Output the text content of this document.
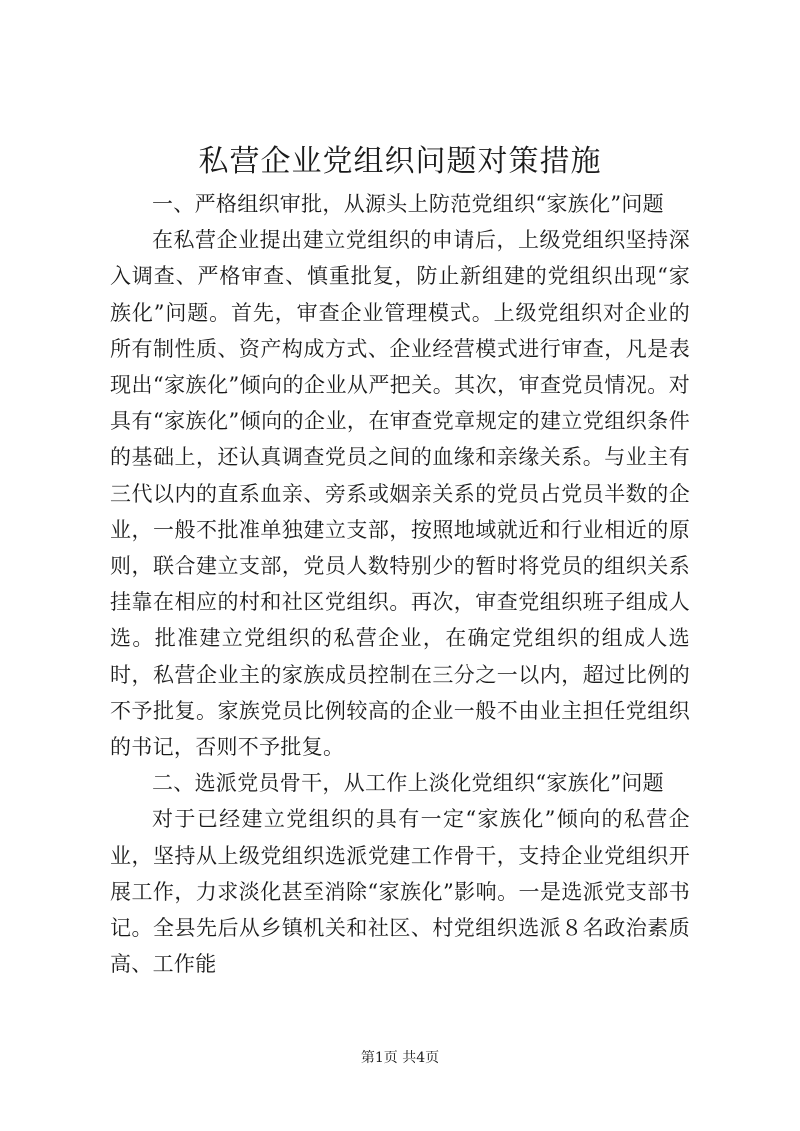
私营企业党组织问题对策措施

一、严格组织审批，从源头上防范党组织“家族化”问题

在私营企业提出建立党组织的申请后，上级党组织坚持深入调查、严格审查、慎重批复，防止新组建的党组织出现“家族化”问题。首先，审查企业管理模式。上级党组织对企业的所有制性质、资产构成方式、企业经营模式进行审查，凡是表现出“家族化”倾向的企业从严把关。其次，审查党员情况。对具有“家族化”倾向的企业，在审查党章规定的建立党组织条件的基础上，还认真调查党员之间的血缘和亲缘关系。与业主有三代以内的直系血亲、旁系或姻亲关系的党员占党员半数的企业，一般不批准单独建立支部，按照地域就近和行业相近的原则，联合建立支部，党员人数特别少的暂时将党员的组织关系挂靠在相应的村和社区党组织。再次，审查党组织班子组成人选。批准建立党组织的私营企业，在确定党组织的组成人选时，私营企业主的家族成员控制在三分之一以内，超过比例的不予批复。家族党员比例较高的企业一般不由业主担任党组织的书记，否则不予批复。

二、选派党员骨干，从工作上淡化党组织“家族化”问题

对于已经建立党组织的具有一定“家族化”倾向的私营企业，坚持从上级党组织选派党建工作骨干，支持企业党组织开展工作，力求淡化甚至消除“家族化”影响。一是选派党支部书记。全县先后从乡镇机关和社区、村党组织选派８名政治素质高、工作能

第1页 共4页
